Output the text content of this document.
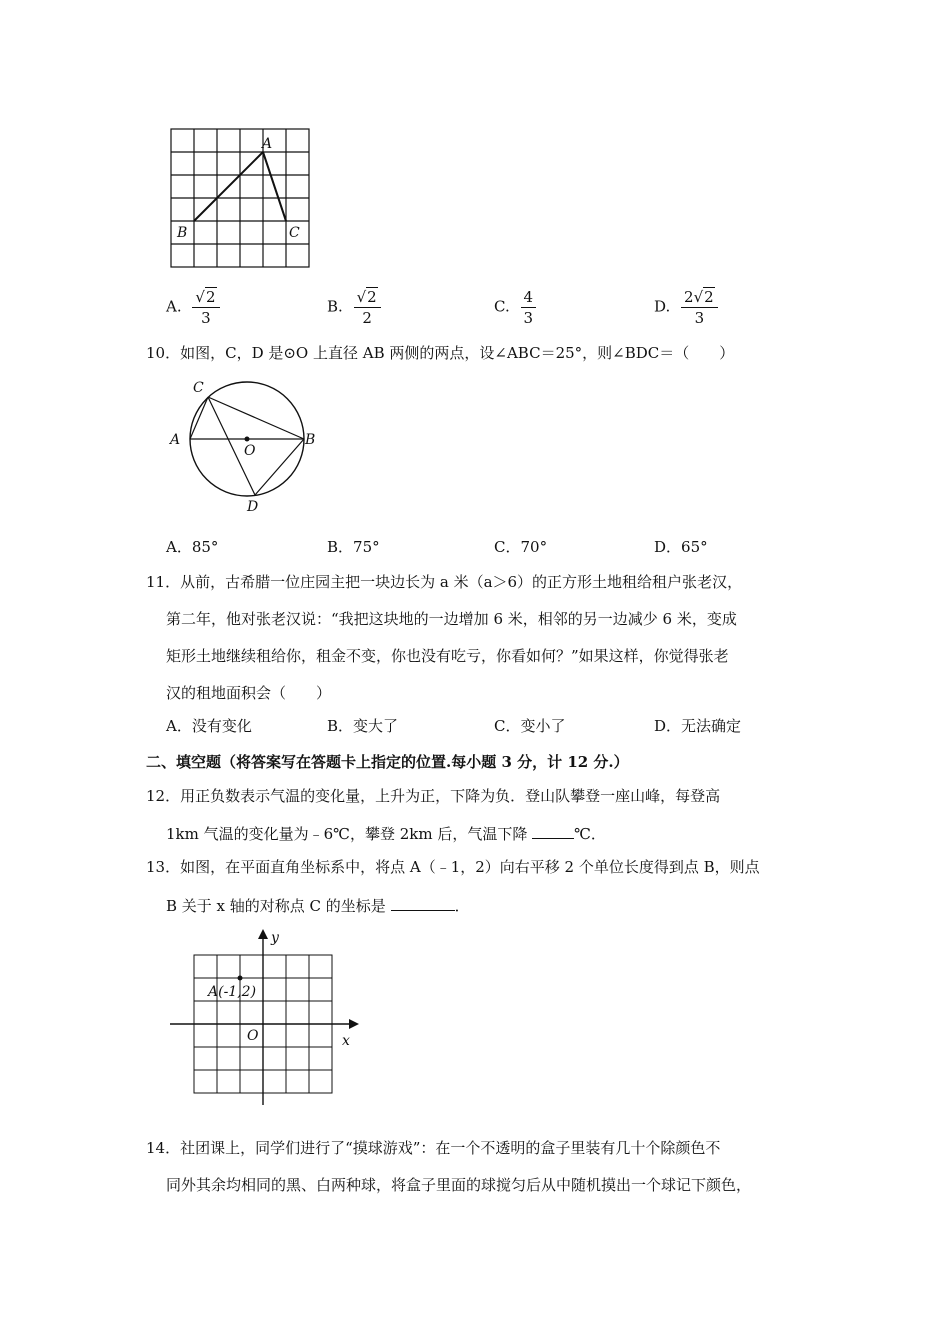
A
B	C
A. $\frac{√2}{3}$	B. $\frac{√2}{2}$	C. $\frac{4}{3}$	D. $\frac{2√2}{3}$
10．如图，C，D 是⊙O 上直径 AB 两侧的两点，设∠ABC＝25°，则∠BDC＝（　　）
C
A	B
O
D
A．85°	B．75°	C．70°	D．65°
11．从前，古希腊一位庄园主把一块边长为 a 米（a＞6）的正方形土地租给租户张老汉，
第二年，他对张老汉说：“我把这块地的一边增加 6 米，相邻的另一边减少 6 米，变成
矩形土地继续租给你，租金不变，你也没有吃亏，你看如何？”如果这样，你觉得张老
汉的租地面积会（　　）
A．没有变化	B．变大了	C．变小了	D．无法确定
二、填空题（将答案写在答题卡上指定的位置.每小题 3 分，计 12 分.）
12．用正负数表示气温的变化量，上升为正，下降为负．登山队攀登一座山峰，每登高
1km 气温的变化量为﹣6℃，攀登 2km 后，气温下降	℃．
13．如图，在平面直角坐标系中，将点 A（﹣1，2）向右平移 2 个单位长度得到点 B，则点
B 关于 x 轴的对称点 C 的坐标是	．
y
x
O
A(-1,2)
14．社团课上，同学们进行了“摸球游戏”：在一个不透明的盒子里装有几十个除颜色不
同外其余均相同的黑、白两种球，将盒子里面的球搅匀后从中随机摸出一个球记下颜色，
